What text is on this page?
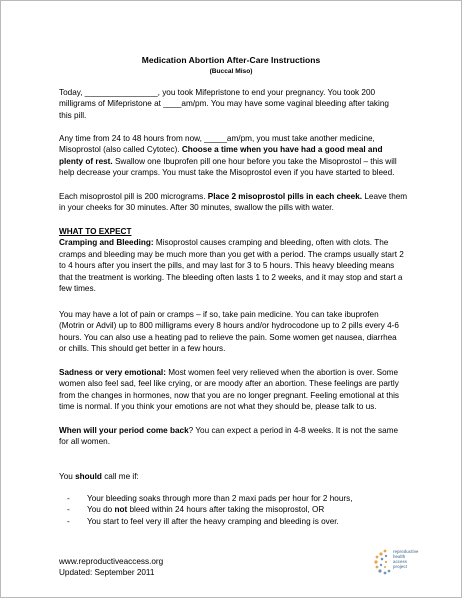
Medication Abortion After-Care Instructions
(Buccal Miso)
Today, ________________, you took Mifepristone to end your pregnancy. You took 200
milligrams of Mifepristone at ____am/pm. You may have some vaginal bleeding after taking
this pill.
Any time from 24 to 48 hours from now, _____am/pm, you must take another medicine,
Misoprostol (also called Cytotec). Choose a time when you have had a good meal and
plenty of rest. Swallow one Ibuprofen pill one hour before you take the Misoprostol – this will
help decrease your cramps. You must take the Misoprostol even if you have started to bleed.
Each misoprostol pill is 200 micrograms. Place 2 misoprostol pills in each cheek. Leave them
in your cheeks for 30 minutes. After 30 minutes, swallow the pills with water.
WHAT TO EXPECT
Cramping and Bleeding: Misoprostol causes cramping and bleeding, often with clots. The
cramps and bleeding may be much more than you get with a period. The cramps usually start 2
to 4 hours after you insert the pills, and may last for 3 to 5 hours. This heavy bleeding means
that the treatment is working. The bleeding often lasts 1 to 2 weeks, and it may stop and start a
few times.
You may have a lot of pain or cramps – if so, take pain medicine. You can take ibuprofen
(Motrin or Advil) up to 800 milligrams every 8 hours and/or hydrocodone up to 2 pills every 4-6
hours. You can also use a heating pad to relieve the pain. Some women get nausea, diarrhea
or chills. This should get better in a few hours.
Sadness or very emotional: Most women feel very relieved when the abortion is over. Some
women also feel sad, feel like crying, or are moody after an abortion. These feelings are partly
from the changes in hormones, now that you are no longer pregnant. Feeling emotional at this
time is normal. If you think your emotions are not what they should be, please talk to us.
When will your period come back? You can expect a period in 4-8 weeks. It is not the same
for all women.
You should call me if:
- Your bleeding soaks through more than 2 maxi pads per hour for 2 hours,
- You do not bleed within 24 hours after taking the misoprostol, OR
- You start to feel very ill after the heavy cramping and bleeding is over.
www.reproductiveaccess.org
Updated: September 2011
reproductive
health
access
project
